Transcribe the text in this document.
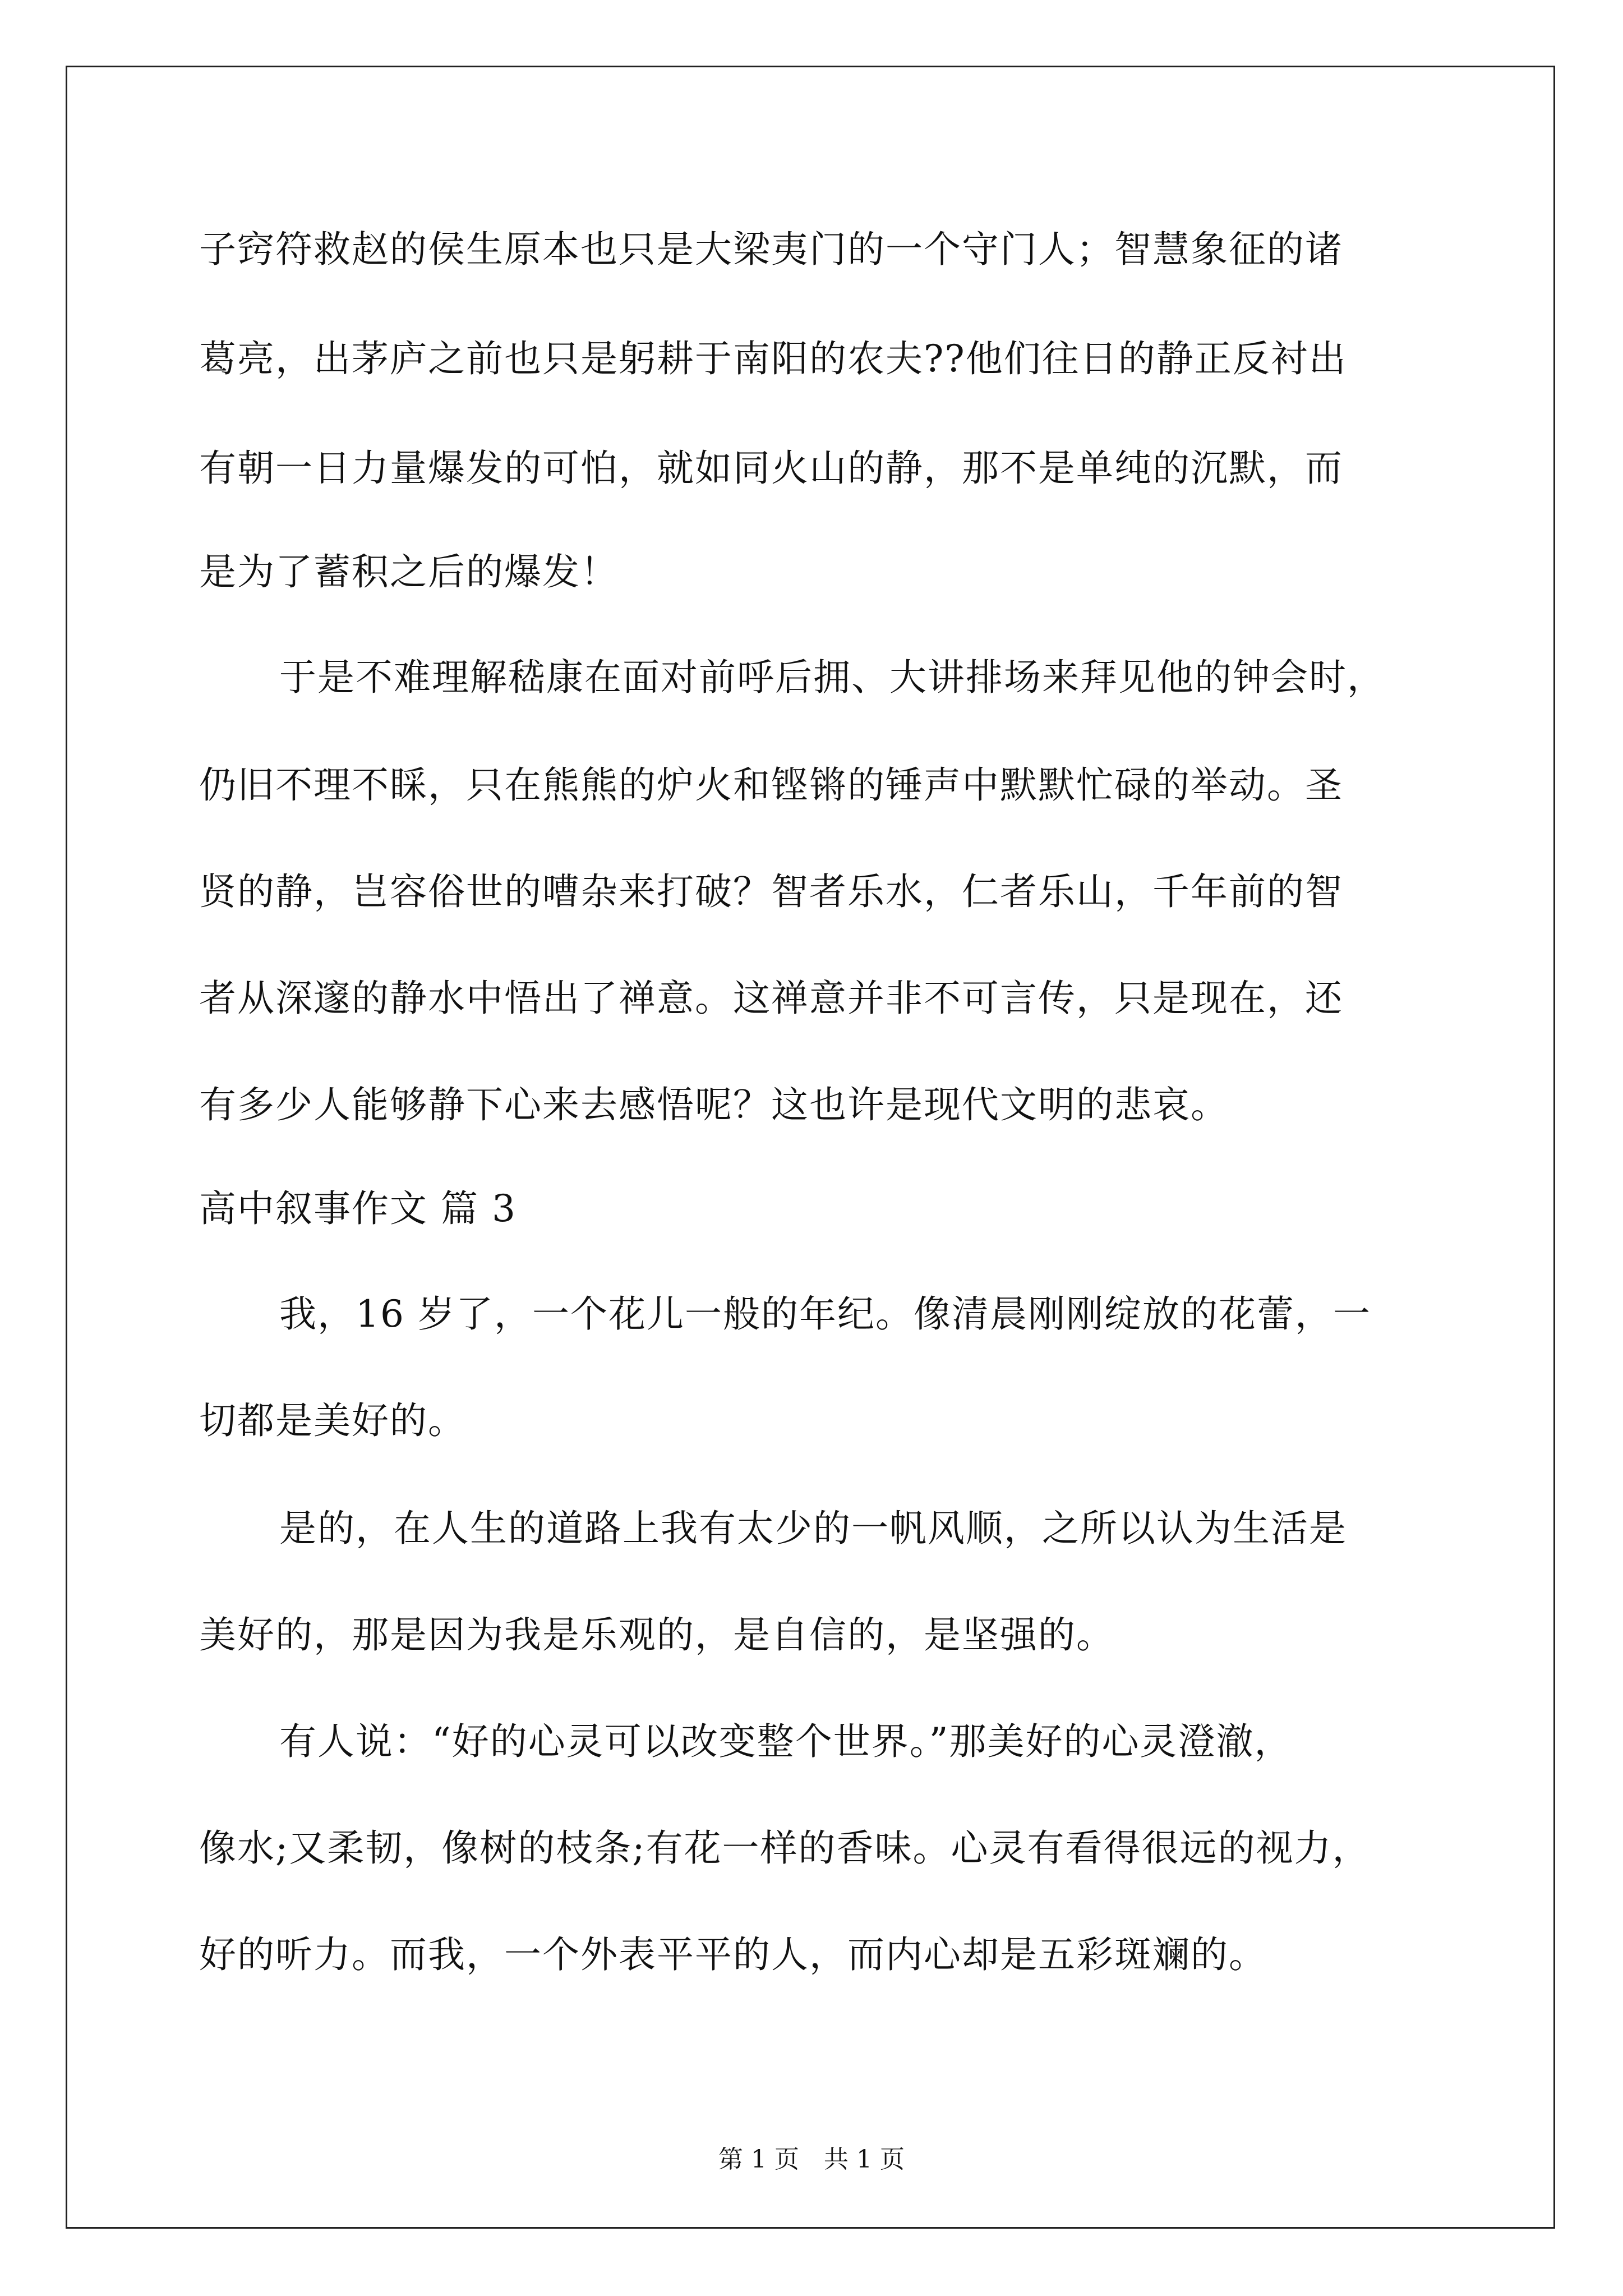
子窍符救赵的侯生原本也只是大梁夷门的一个守门人；智慧象征的诸
葛亮，出茅庐之前也只是躬耕于南阳的农夫??他们往日的静正反衬出
有朝一日力量爆发的可怕，就如同火山的静，那不是单纯的沉默，而
是为了蓄积之后的爆发！
于是不难理解嵇康在面对前呼后拥、大讲排场来拜见他的钟会时，
仍旧不理不睬，只在熊熊的炉火和铿锵的锤声中默默忙碌的举动。圣
贤的静，岂容俗世的嘈杂来打破？智者乐水，仁者乐山，千年前的智
者从深邃的静水中悟出了禅意。这禅意并非不可言传，只是现在，还
有多少人能够静下心来去感悟呢？这也许是现代文明的悲哀。
高中叙事作文 篇 3
我，16 岁了，一个花儿一般的年纪。像清晨刚刚绽放的花蕾，一
切都是美好的。
是的，在人生的道路上我有太少的一帆风顺，之所以认为生活是
美好的，那是因为我是乐观的，是自信的，是坚强的。
有人说：“好的心灵可以改变整个世界。”那美好的心灵澄澈，
像水;又柔韧，像树的枝条;有花一样的香味。心灵有看得很远的视力，
好的听力。而我，一个外表平平的人，而内心却是五彩斑斓的。
第 1 页　共 1 页
